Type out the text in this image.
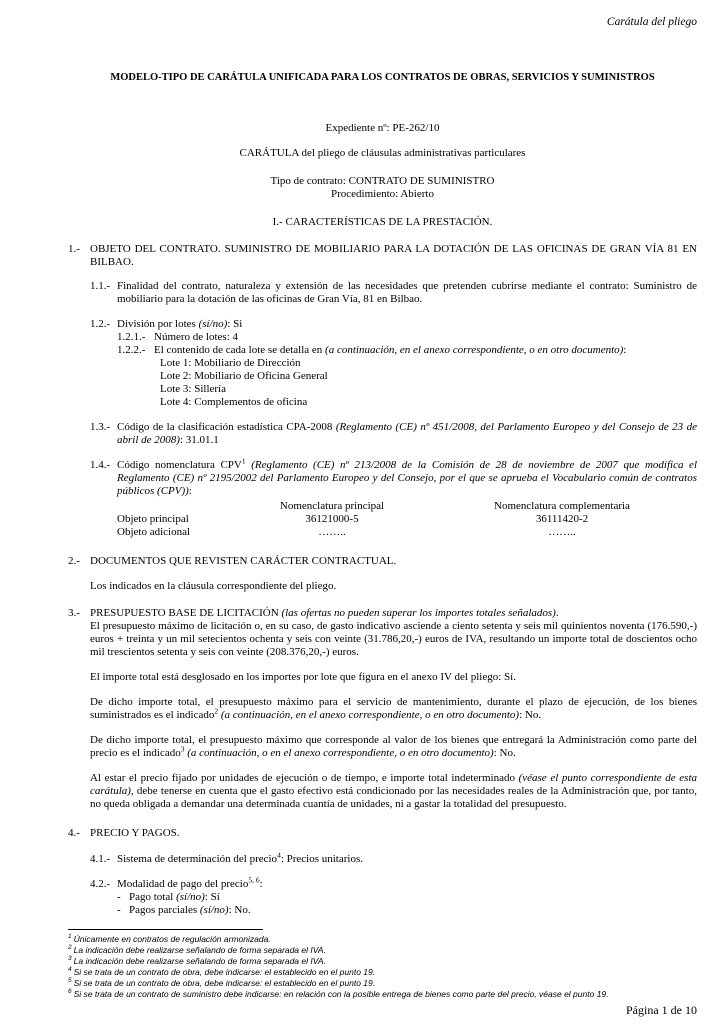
Carátula del pliego
MODELO-TIPO DE CARÁTULA UNIFICADA PARA LOS CONTRATOS DE OBRAS, SERVICIOS Y SUMINISTROS
Expediente nº: PE-262/10
CARÁTULA del pliego de cláusulas administrativas particulares
Tipo de contrato: CONTRATO DE SUMINISTRO
Procedimiento: Abierto
I.- CARACTERÍSTICAS DE LA PRESTACIÓN.
1.- OBJETO DEL CONTRATO. SUMINISTRO DE MOBILIARIO PARA LA DOTACIÓN DE LAS OFICINAS DE GRAN VÍA 81 EN BILBAO.
1.1.- Finalidad del contrato, naturaleza y extensión de las necesidades que pretenden cubrirse mediante el contrato: Suministro de mobiliario para la dotación de las oficinas de Gran Vía, 81 en Bilbao.
1.2.- División por lotes (sí/no): Si
1.2.1.- Número de lotes: 4
1.2.2.- El contenido de cada lote se detalla en (a continuación, en el anexo correspondiente, o en otro documento):
Lote 1: Mobiliario de Dirección
Lote 2: Mobiliario de Oficina General
Lote 3: Sillería
Lote 4: Complementos de oficina
1.3.- Código de la clasificación estadística CPA-2008 (Reglamento (CE) nº 451/2008, del Parlamento Europeo y del Consejo de 23 de abril de 2008): 31.01.1
1.4.- Código nomenclatura CPV$^1$ (Reglamento (CE) nº 213/2008 de la Comisión de 28 de noviembre de 2007 que modifica el Reglamento (CE) nº 2195/2002 del Parlamento Europeo y del Consejo, por el que se aprueba el Vocabulario común de contratos públicos (CPV)):
Nomenclatura principal	Nomenclatura complementaria
Objeto principal	36121000-5	36111420-2
Objeto adicional	……..	……..
2.- DOCUMENTOS QUE REVISTEN CARÁCTER CONTRACTUAL.
Los indicados en la cláusula correspondiente del pliego.
3.- PRESUPUESTO BASE DE LICITACIÓN (las ofertas no pueden superar los importes totales señalados).
El presupuesto máximo de licitación o, en su caso, de gasto indicativo asciende a ciento setenta y seis mil quinientos noventa (176.590,-) euros + treinta y un mil setecientos ochenta y seis con veinte (31.786,20,-) euros de IVA, resultando un importe total de doscientos ocho mil trescientos setenta y seis con veinte (208.376,20,-) euros.
El importe total está desglosado en los importes por lote que figura en el anexo IV del pliego: Sí.
De dicho importe total, el presupuesto máximo para el servicio de mantenimiento, durante el plazo de ejecución, de los bienes suministrados es el indicado$^2$ (a continuación, en el anexo correspondiente, o en otro documento): No.
De dicho importe total, el presupuesto máximo que corresponde al valor de los bienes que entregará la Administración como parte del precio es el indicado$^3$ (a continuación, o en el anexo correspondiente, o en otro documento): No.
Al estar el precio fijado por unidades de ejecución o de tiempo, e importe total indeterminado (véase el punto correspondiente de esta carátula), debe tenerse en cuenta que el gasto efectivo está condicionado por las necesidades reales de la Administración que, por tanto, no queda obligada a demandar una determinada cuantía de unidades, ni a gastar la totalidad del presupuesto.
4.- PRECIO Y PAGOS.
4.1.- Sistema de determinación del precio$^4$: Precios unitarios.
4.2.- Modalidad de pago del precio$^{5, 6}$:
- Pago total (sí/no): Sí
- Pagos parciales (sí/no): No.
$^1$ Únicamente en contratos de regulación armonizada.
$^2$ La indicación debe realizarse señalando de forma separada el IVA.
$^3$ La indicación debe realizarse señalando de forma separada el IVA.
$^4$ Si se trata de un contrato de obra, debe indicarse: el establecido en el punto 19.
$^5$ Si se trata de un contrato de obra, debe indicarse: el establecido en el punto 19.
$^6$ Si se trata de un contrato de suministro debe indicarse: en relación con la posible entrega de bienes como parte del precio, véase el punto 19.
Página 1 de 10
